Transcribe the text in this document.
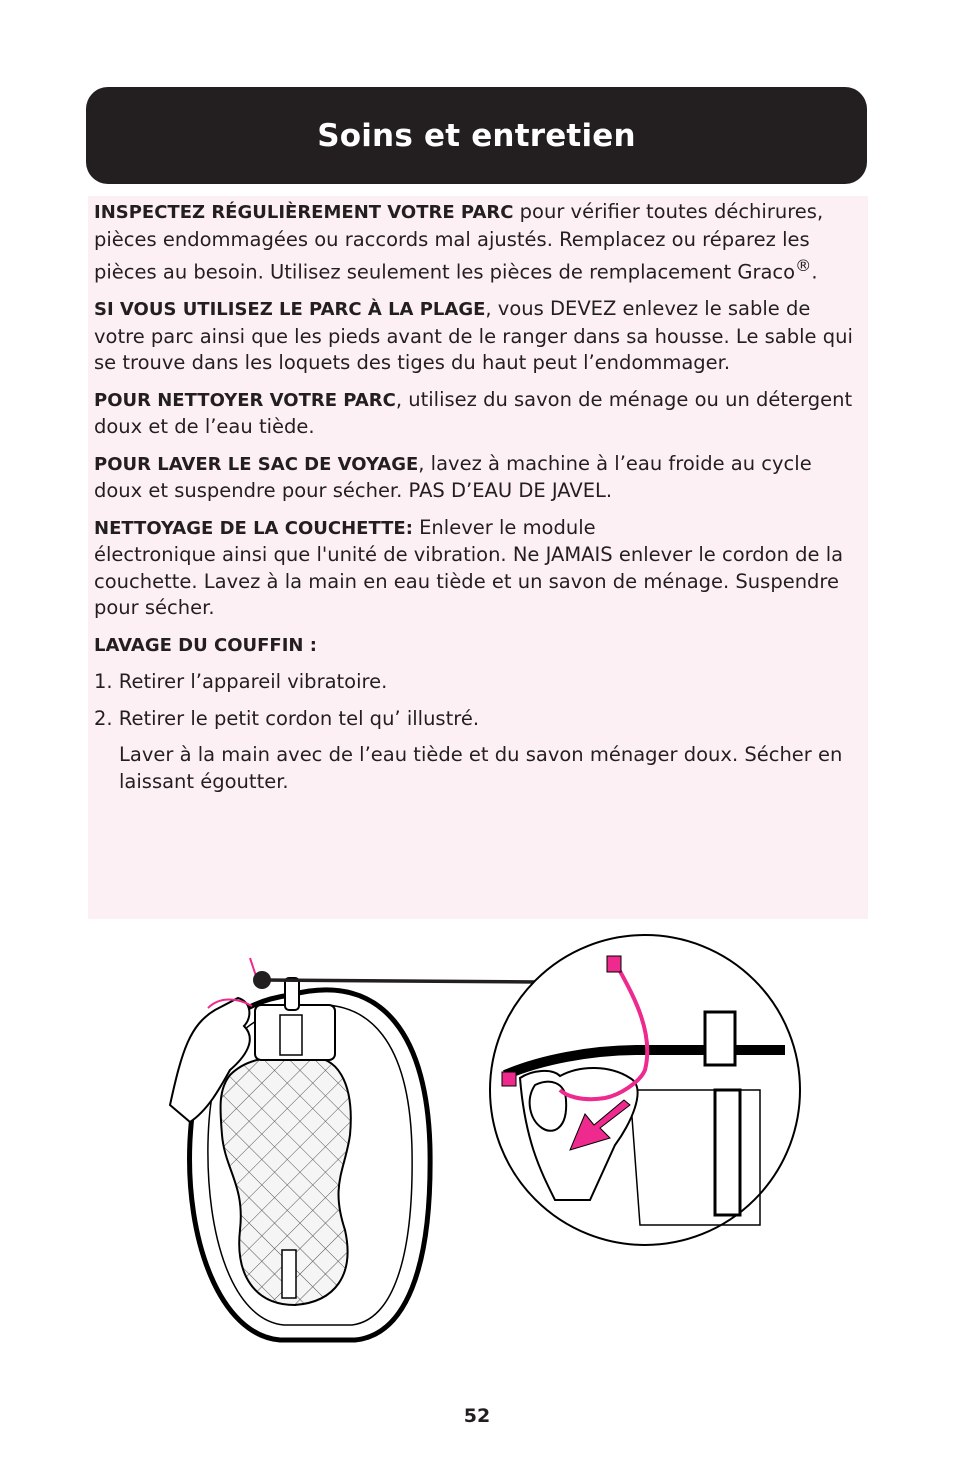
Soins et entretien

INSPECTEZ RÉGULIÈREMENT VOTRE PARC pour vérifier toutes déchirures, pièces endommagées ou raccords mal ajustés. Remplacez ou réparez les pièces au besoin. Utilisez seulement les pièces de remplacement Graco®.

SI VOUS UTILISEZ LE PARC À LA PLAGE, vous DEVEZ enlevez le sable de votre parc ainsi que les pieds avant de le ranger dans sa housse. Le sable qui se trouve dans les loquets des tiges du haut peut l’endommager.

POUR NETTOYER VOTRE PARC, utilisez du savon de ménage ou un détergent doux et de l’eau tiède.

POUR LAVER LE SAC DE VOYAGE, lavez à machine à l’eau froide au cycle doux et suspendre pour sécher. PAS D’EAU DE JAVEL.

NETTOYAGE DE LA COUCHETTE: Enlever le module
électronique ainsi que l'unité de vibration. Ne JAMAIS enlever le cordon de la couchette. Lavez à la main en eau tiède et un savon de ménage. Suspendre pour sécher.

LAVAGE DU COUFFIN :

1. Retirer l’appareil vibratoire.

2. Retirer le petit cordon tel qu’ illustré.

Laver à la main avec de l’eau tiède et du savon ménager doux. Sécher en laissant égoutter.

52
